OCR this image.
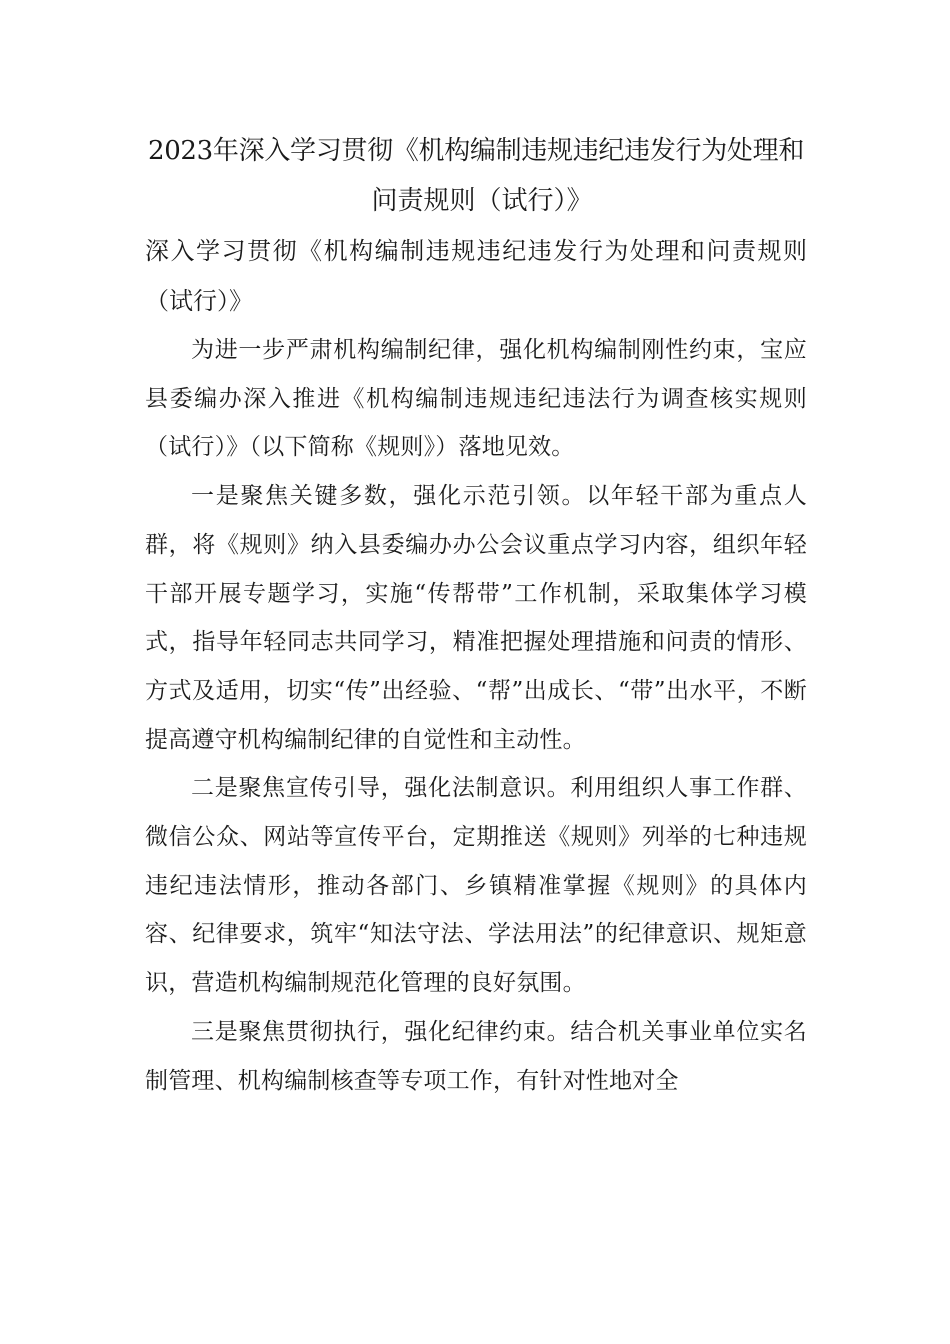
2023年深入学习贯彻《机构编制违规违纪违发行为处理和
问责规则（试行）》

深入学习贯彻《机构编制违规违纪违发行为处理和问责规则（试行）》

为进一步严肃机构编制纪律，强化机构编制刚性约束，宝应县委编办深入推进《机构编制违规违纪违法行为调查核实规则（试行）》（以下简称《规则》）落地见效。

一是聚焦关键多数，强化示范引领。以年轻干部为重点人群，将《规则》纳入县委编办办公会议重点学习内容，组织年轻干部开展专题学习，实施“传帮带”工作机制，采取集体学习模式，指导年轻同志共同学习，精准把握处理措施和问责的情形、方式及适用，切实“传”出经验、“帮”出成长、“带”出水平，不断提高遵守机构编制纪律的自觉性和主动性。

二是聚焦宣传引导，强化法制意识。利用组织人事工作群、微信公众、网站等宣传平台，定期推送《规则》列举的七种违规违纪违法情形，推动各部门、乡镇精准掌握《规则》的具体内容、纪律要求，筑牢“知法守法、学法用法”的纪律意识、规矩意识，营造机构编制规范化管理的良好氛围。

三是聚焦贯彻执行，强化纪律约束。结合机关事业单位实名制管理、机构编制核查等专项工作，有针对性地对全
